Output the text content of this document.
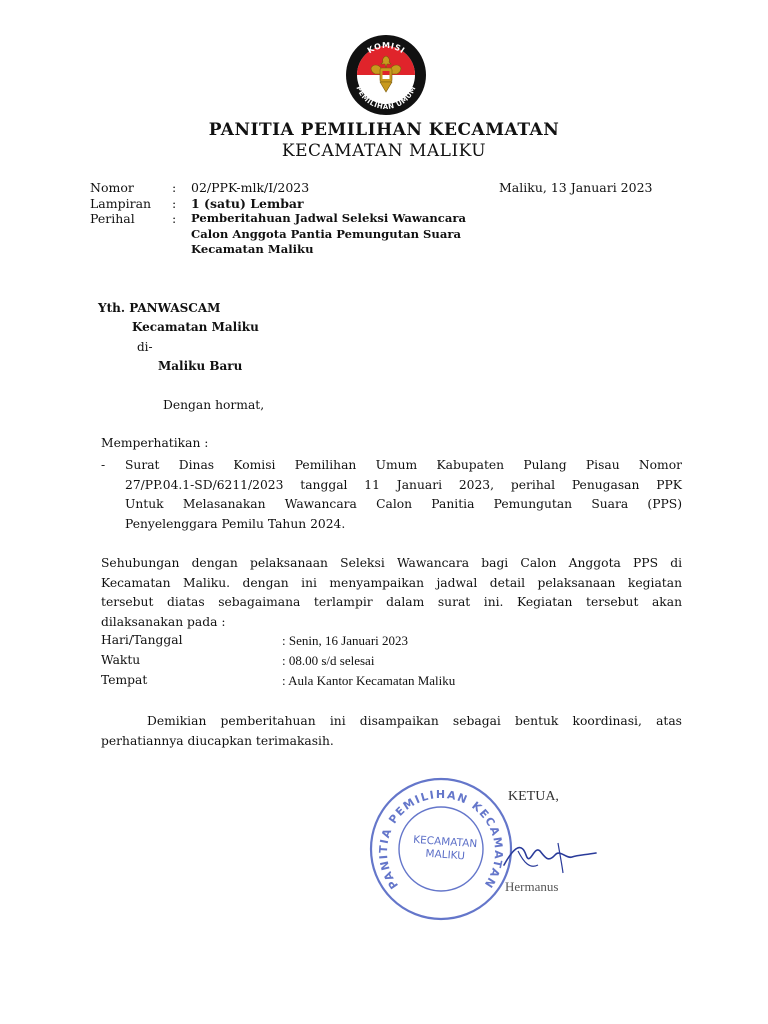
KOMISI
PEMILIHAN UMUM
PANITIA PEMILIHAN KECAMATAN
KECAMATAN MALIKU
Nomor	: 02/PPK-mlk/I/2023	Maliku, 13 Januari 2023
Lampiran : 1 (satu) Lembar
Perihal	: Pemberitahuan Jadwal Seleksi Wawancara
Calon Anggota Pantia Pemungutan Suara
Kecamatan Maliku
Yth. PANWASCAM
Kecamatan Maliku
di-
Maliku Baru
Dengan hormat,
Memperhatikan :
- Surat Dinas Komisi Pemilihan Umum Kabupaten Pulang Pisau Nomor
27/PP.04.1-SD/6211/2023 tanggal 11 Januari 2023, perihal Penugasan PPK
Untuk Melasanakan Wawancara Calon Panitia Pemungutan Suara (PPS)
Penyelenggara Pemilu Tahun 2024.
Sehubungan dengan pelaksanaan Seleksi Wawancara bagi Calon Anggota PPS di
Kecamatan Maliku. dengan ini menyampaikan jadwal detail pelaksanaan kegiatan
tersebut diatas sebagaimana terlampir dalam surat ini. Kegiatan tersebut akan
dilaksanakan pada :
Hari/Tanggal	: Senin, 16 Januari 2023
Waktu	: 08.00 s/d selesai
Tempat	: Aula Kantor Kecamatan Maliku
Demikian pemberitahuan ini disampaikan sebagai bentuk koordinasi, atas
perhatiannya diucapkan terimakasih.
KETUA,
PANITIA PEMILIHAN KECAMATAN
KECAMATAN
MALIKU
Hermanus
